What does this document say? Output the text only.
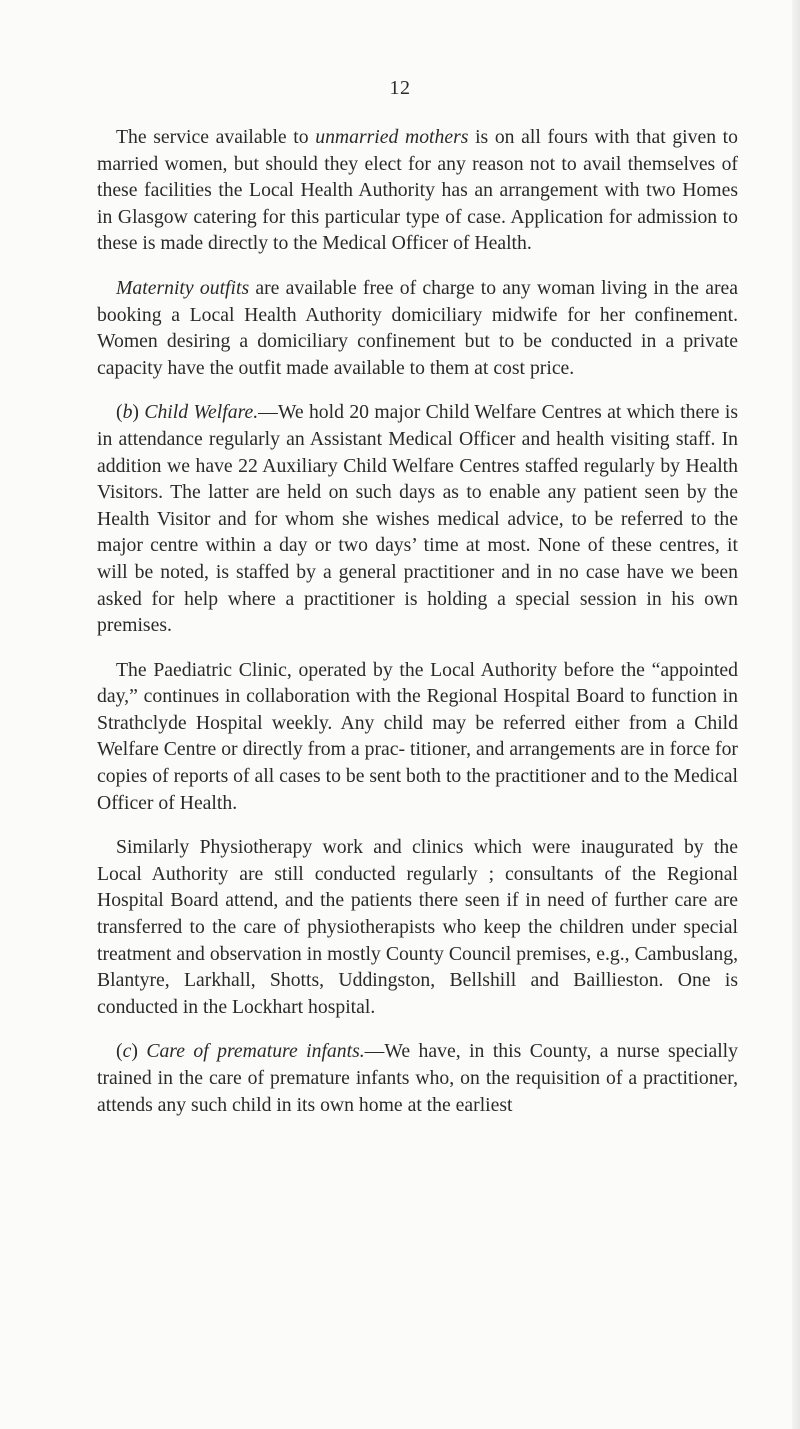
12

The service available to unmarried mothers is on all fours with that given to married women, but should they elect for any reason not to avail themselves of these facilities the Local Health Authority has an arrangement with two Homes in Glasgow catering for this particular type of case. Application for admission to these is made directly to the Medical Officer of Health.

Maternity outfits are available free of charge to any woman living in the area booking a Local Health Authority domiciliary midwife for her confinement. Women desiring a domiciliary confinement but to be conducted in a private capacity have the outfit made available to them at cost price.

(b) Child Welfare.—We hold 20 major Child Welfare Centres at which there is in attendance regularly an Assistant Medical Officer and health visiting staff. In addition we have 22 Auxiliary Child Welfare Centres staffed regularly by Health Visitors. The latter are held on such days as to enable any patient seen by the Health Visitor and for whom she wishes medical advice, to be referred to the major centre within a day or two days’ time at most. None of these centres, it will be noted, is staffed by a general practitioner and in no case have we been asked for help where a practitioner is holding a special session in his own premises.

The Paediatric Clinic, operated by the Local Authority before the “appointed day,” continues in collaboration with the Regional Hospital Board to function in Strathclyde Hospital weekly. Any child may be referred either from a Child Welfare Centre or directly from a prac- titioner, and arrangements are in force for copies of reports of all cases to be sent both to the practitioner and to the Medical Officer of Health.

Similarly Physiotherapy work and clinics which were inaugurated by the Local Authority are still conducted regularly ; consultants of the Regional Hospital Board attend, and the patients there seen if in need of further care are transferred to the care of physiotherapists who keep the children under special treatment and observation in mostly County Council premises, e.g., Cambuslang, Blantyre, Larkhall, Shotts, Uddingston, Bellshill and Baillieston. One is conducted in the Lockhart hospital.

(c) Care of premature infants.—We have, in this County, a nurse specially trained in the care of premature infants who, on the requisition of a practitioner, attends any such child in its own home at the earliest
